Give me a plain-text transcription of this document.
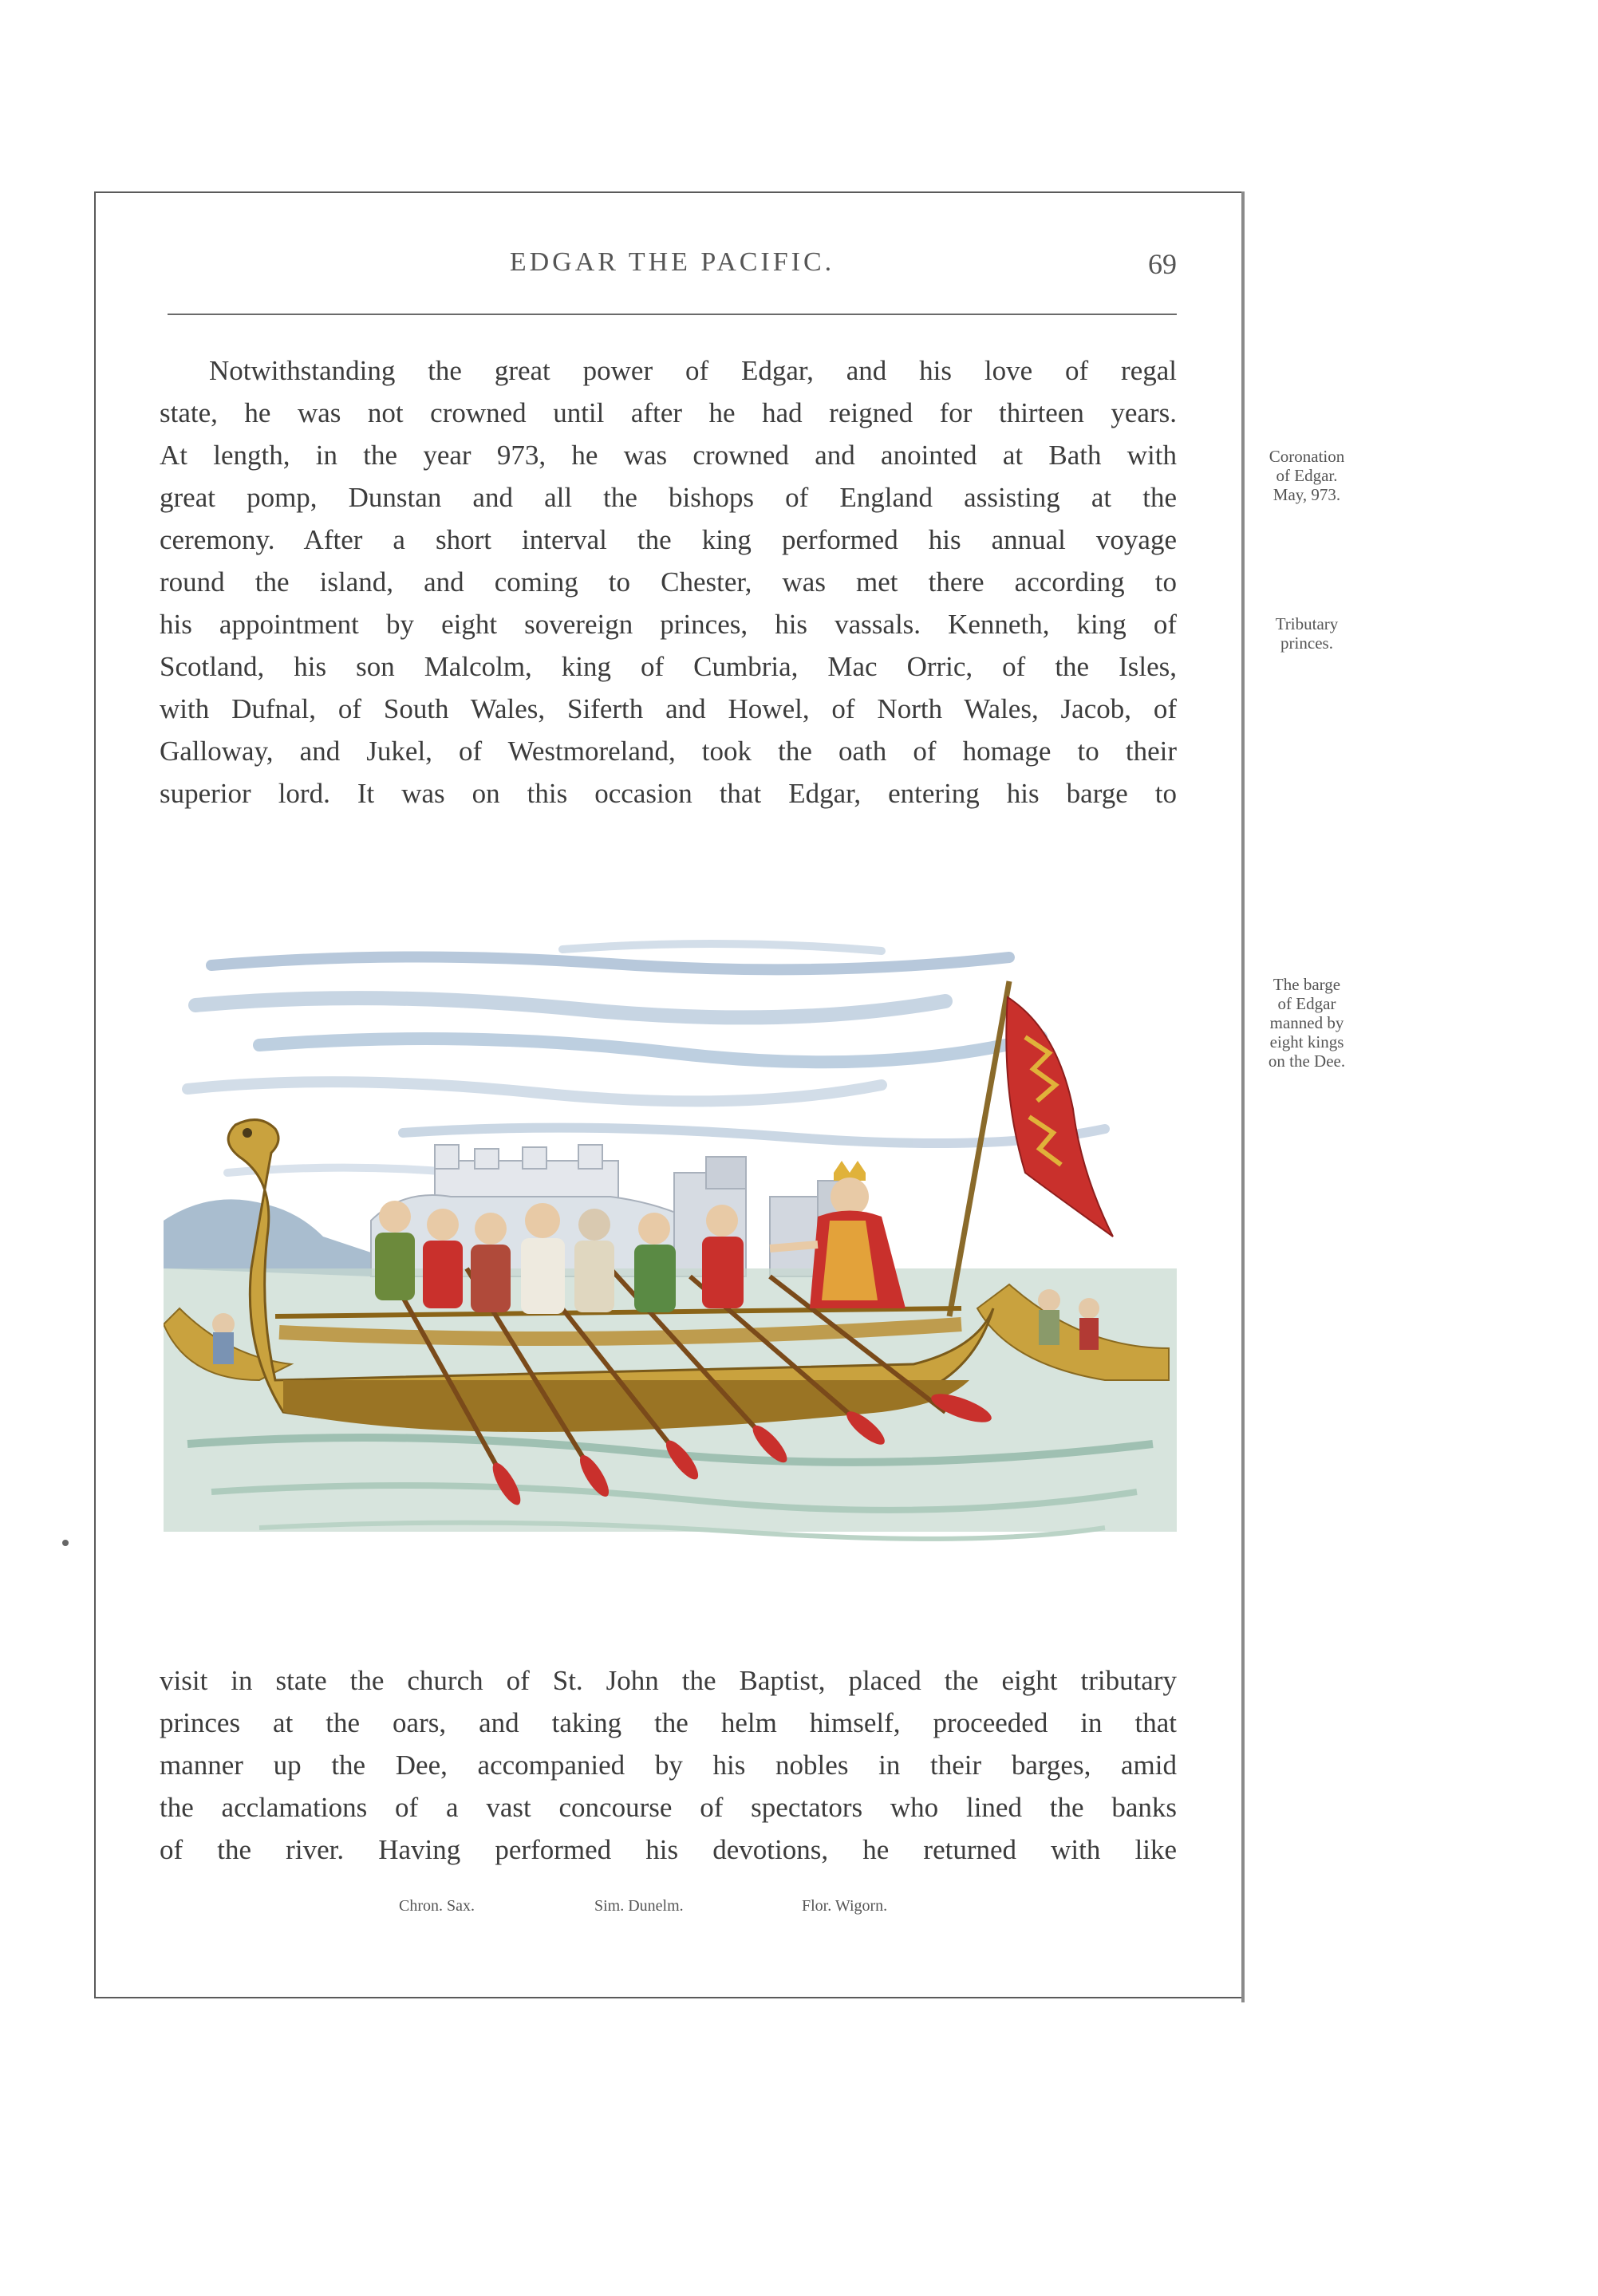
EDGAR THE PACIFIC.	69
Notwithstanding the great power of Edgar, and his love of regal
state, he was not crowned until after he had reigned for thirteen years.
At length, in the year 973, he was crowned and anointed at Bath with
great pomp, Dunstan and all the bishops of England assisting at the
ceremony. After a short interval the king performed his annual voyage
round the island, and coming to Chester, was met there according to
his appointment by eight sovereign princes, his vassals. Kenneth, king of
Scotland, his son Malcolm, king of Cumbria, Mac Orric, of the Isles,
with Dufnal, of South Wales, Siferth and Howel, of North Wales, Jacob, of
Galloway, and Jukel, of Westmoreland, took the oath of homage to their
superior lord. It was on this occasion that Edgar, entering his barge to
Coronation
of Edgar.
May, 973.
Tributary
princes.
The barge
of Edgar
manned by
eight kings
on the Dee.
visit in state the church of St. John the Baptist, placed the eight tributary
princes at the oars, and taking the helm himself, proceeded in that
manner up the Dee, accompanied by his nobles in their barges, amid
the acclamations of a vast concourse of spectators who lined the banks
of the river. Having performed his devotions, he returned with like
Chron. Sax.	Sim. Dunelm.	Flor. Wigorn.
